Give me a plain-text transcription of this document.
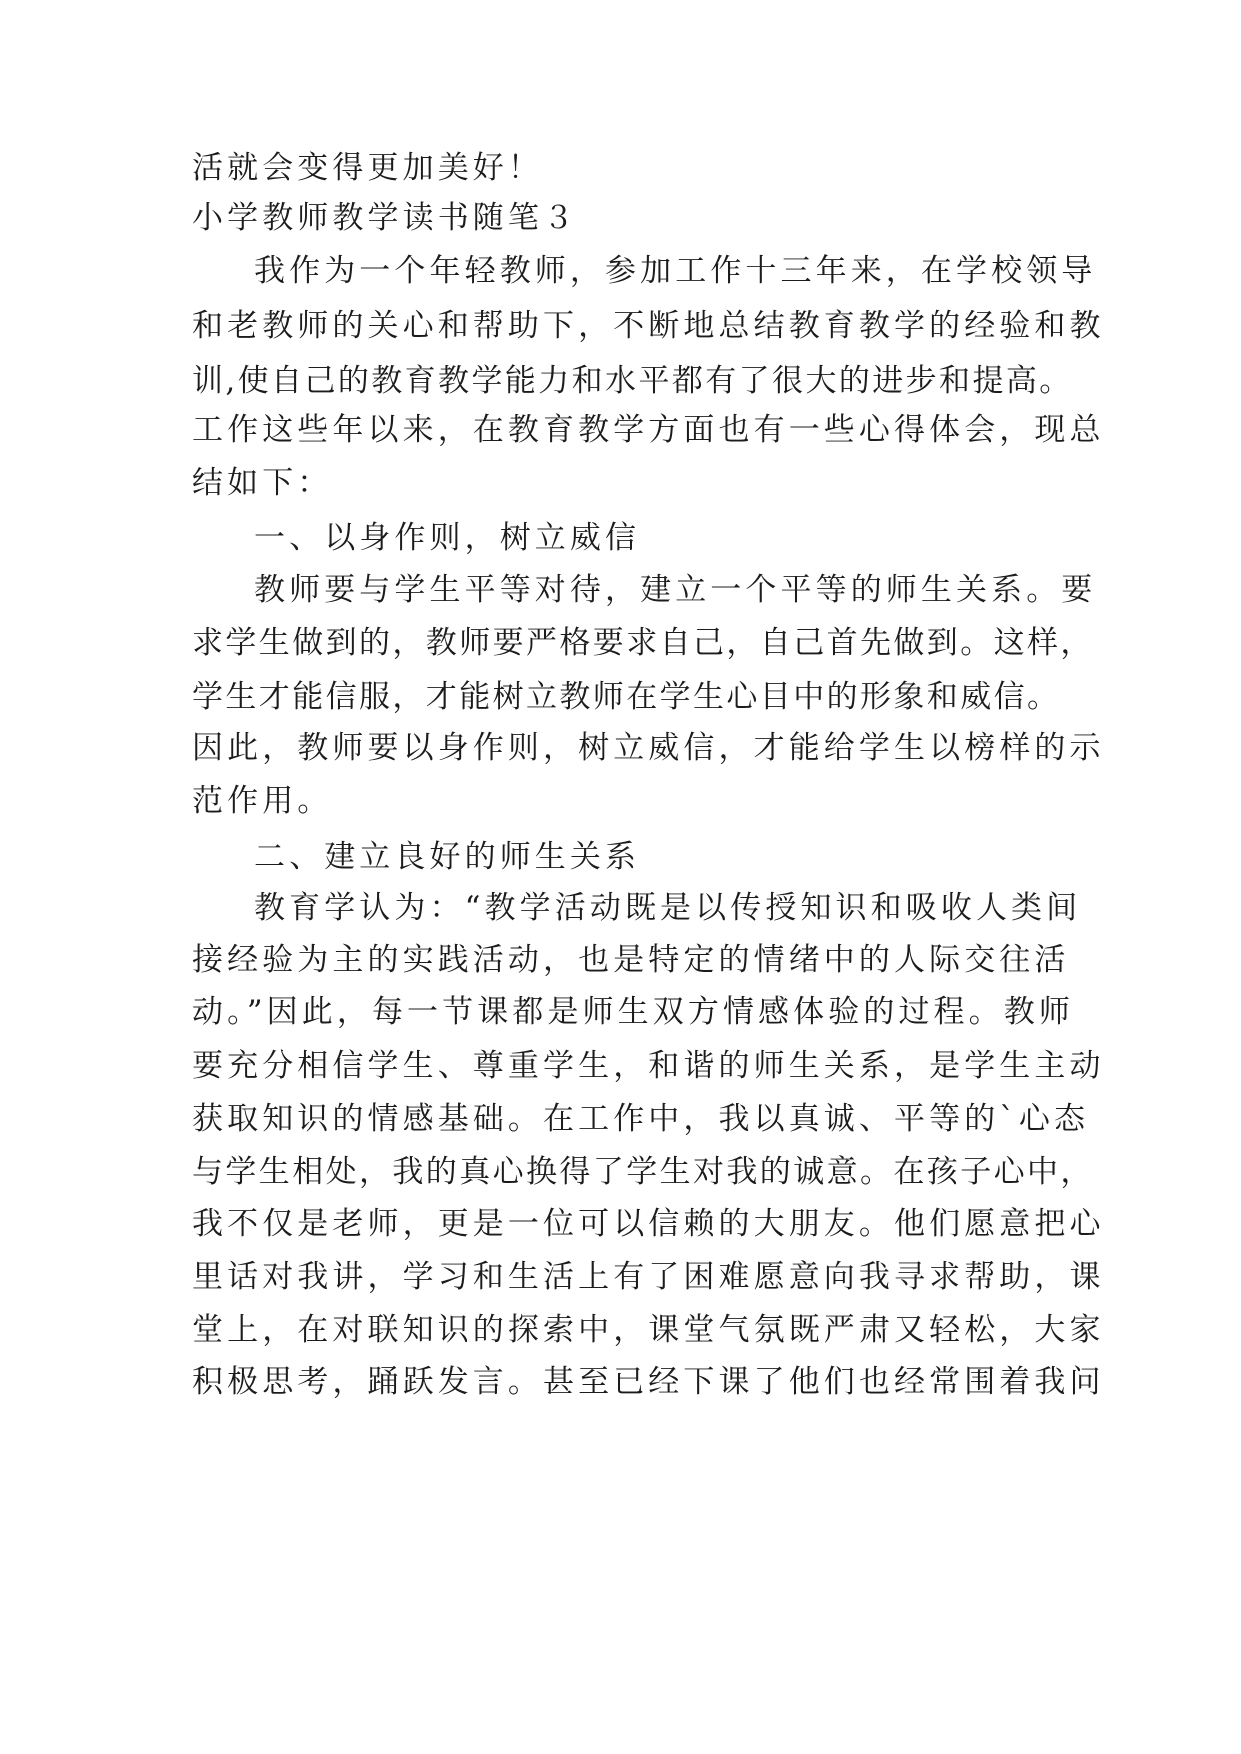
活就会变得更加美好！
小学教师教学读书随笔３
我作为一个年轻教师，参加工作十三年来，在学校领导
和老教师的关心和帮助下，不断地总结教育教学的经验和教
训,使自己的教育教学能力和水平都有了很大的进步和提高。
工作这些年以来，在教育教学方面也有一些心得体会，现总
结如下：
一、以身作则，树立威信
教师要与学生平等对待，建立一个平等的师生关系。要
求学生做到的，教师要严格要求自己，自己首先做到。这样，
学生才能信服，才能树立教师在学生心目中的形象和威信。
因此，教师要以身作则，树立威信，才能给学生以榜样的示
范作用。
二、建立良好的师生关系
教育学认为：“教学活动既是以传授知识和吸收人类间
接经验为主的实践活动，也是特定的情绪中的人际交往活
动。”因此，每一节课都是师生双方情感体验的过程。教师
要充分相信学生、尊重学生，和谐的师生关系，是学生主动
获取知识的情感基础。在工作中，我以真诚、平等的`心态
与学生相处，我的真心换得了学生对我的诚意。在孩子心中，
我不仅是老师，更是一位可以信赖的大朋友。他们愿意把心
里话对我讲，学习和生活上有了困难愿意向我寻求帮助，课
堂上，在对联知识的探索中，课堂气氛既严肃又轻松，大家
积极思考，踊跃发言。甚至已经下课了他们也经常围着我问
